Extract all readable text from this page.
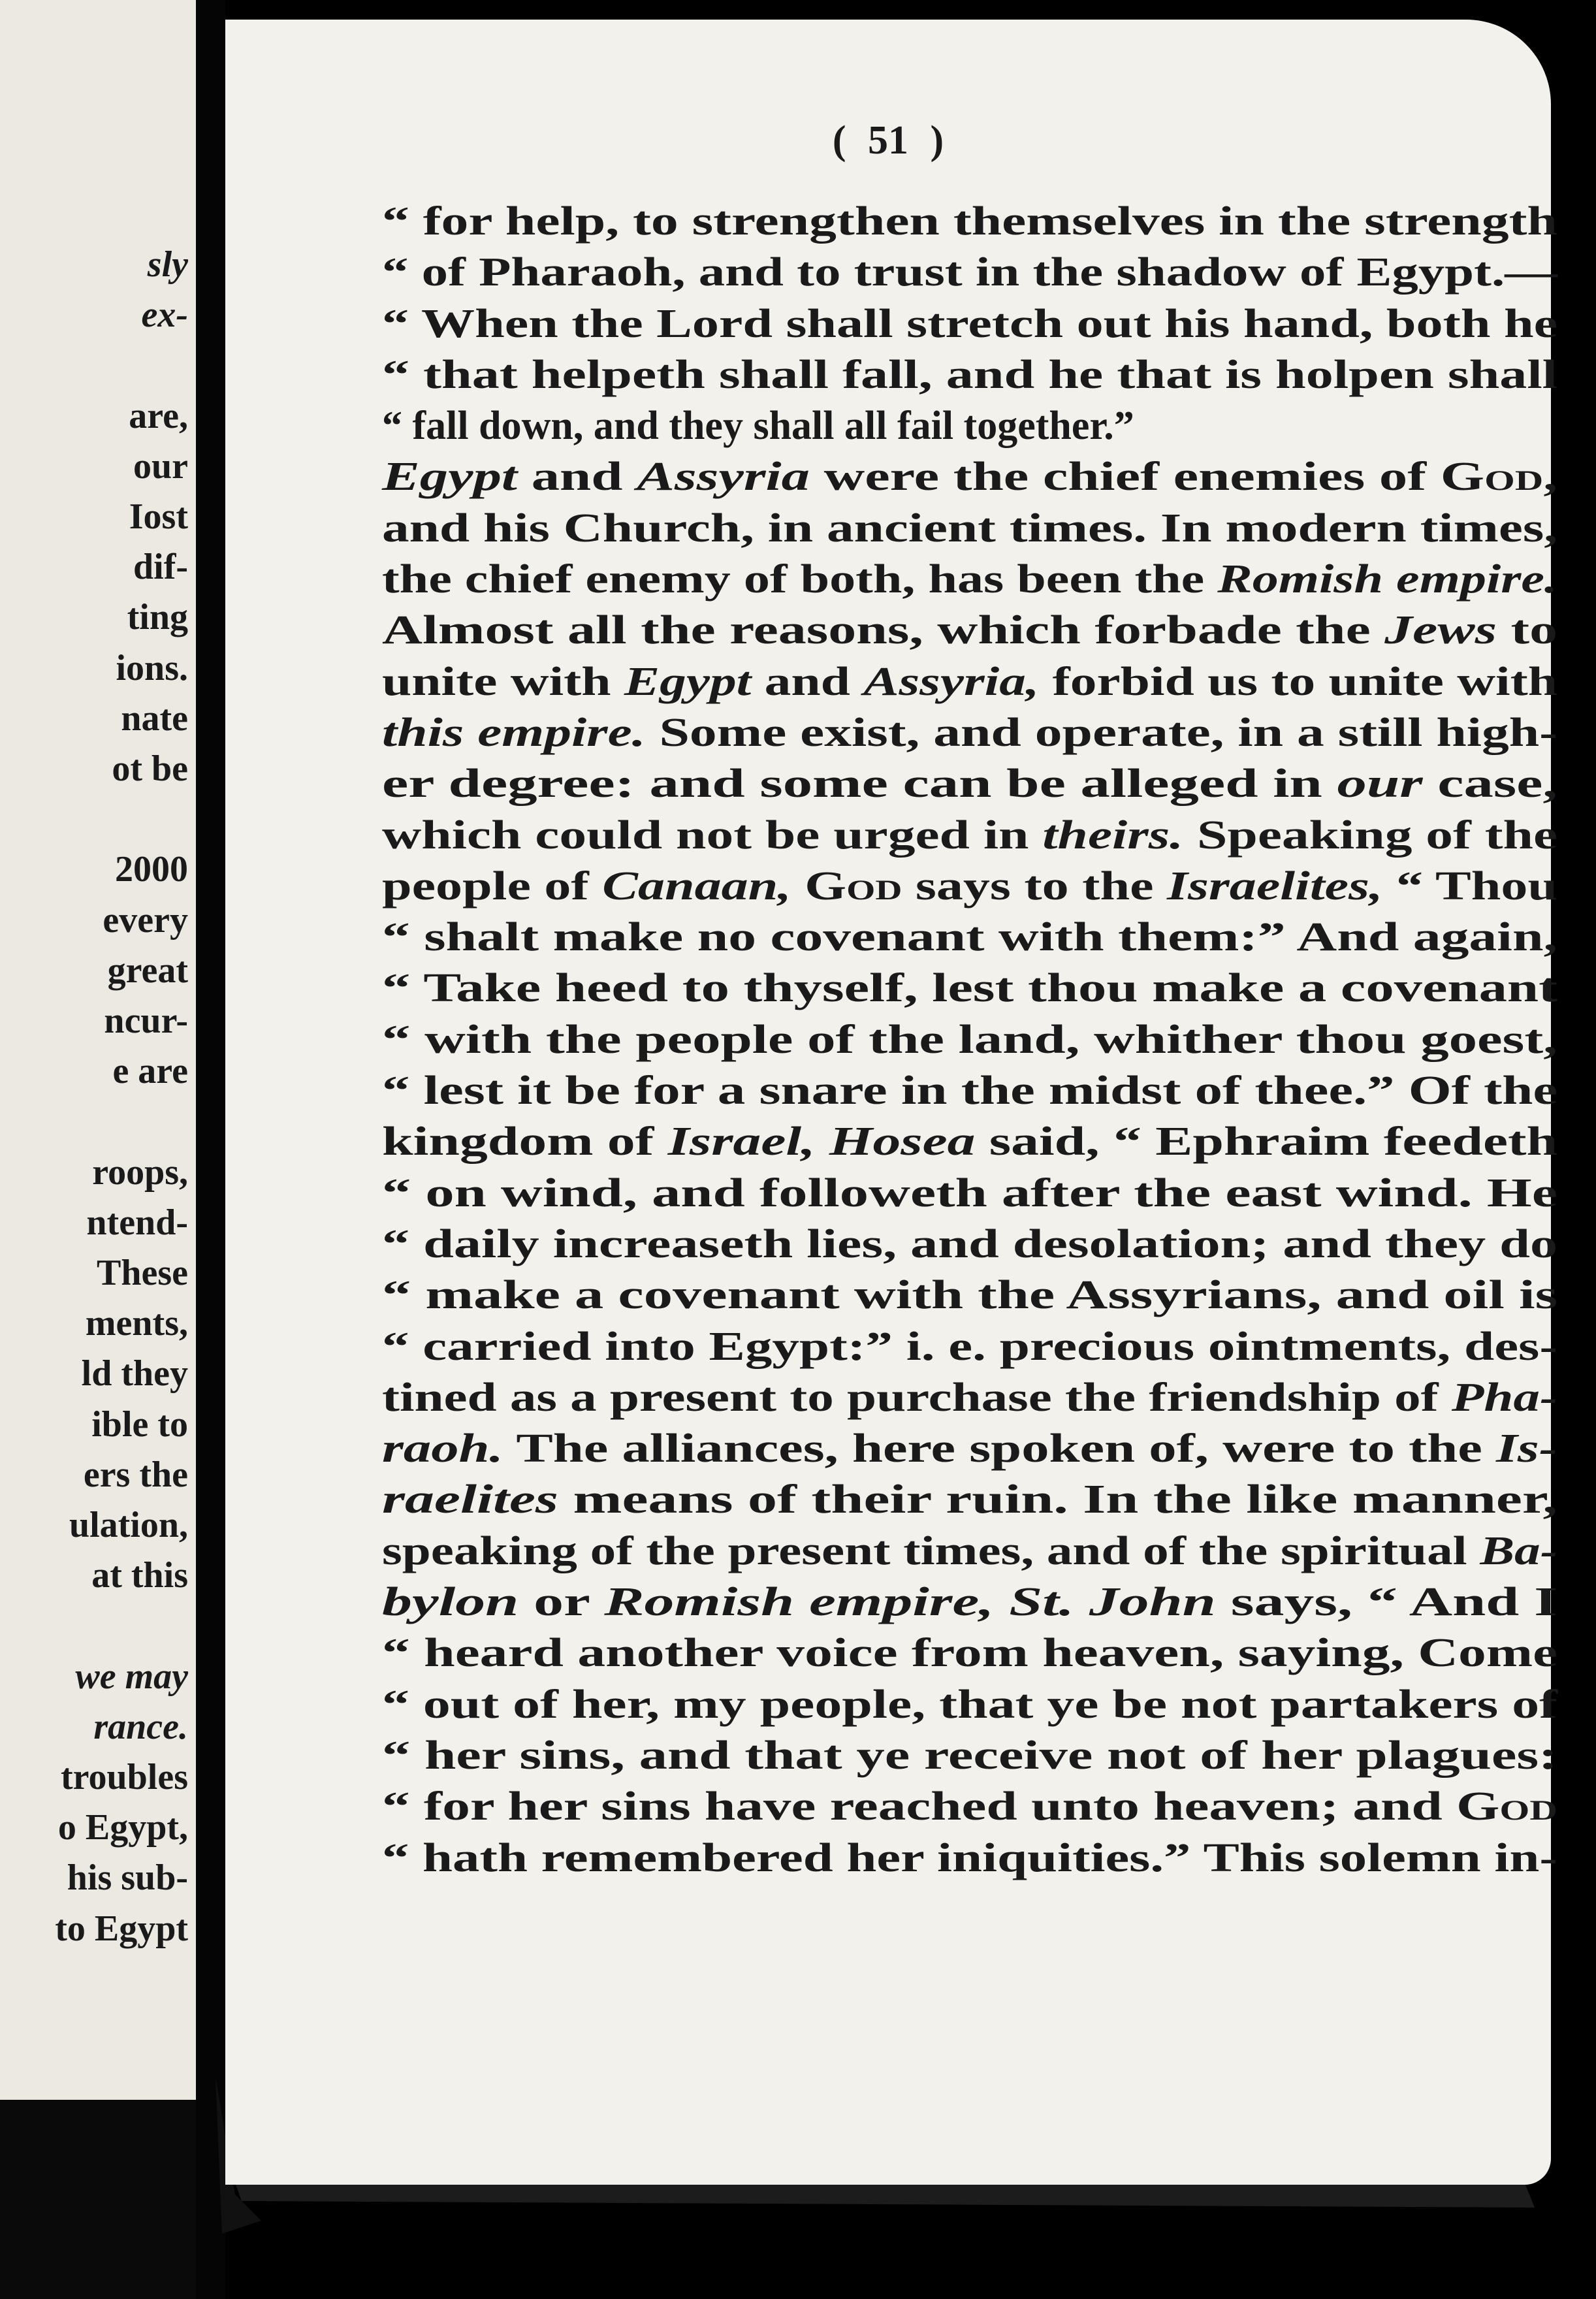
sly

ex-

are,

our

Iost

dif-

ting

ions.

nate

ot be

2000

every

great

ncur-

e are

roops,

ntend-

These

ments,

ld they

ible to

ers the

ulation,

at this

we may

rance.

troubles

o Egypt,

his sub-

to Egypt

( 51 )

“ for help, to strengthen themselves in the strength

“ of Pharaoh, and to trust in the shadow of Egypt.—

“ When the Lord shall stretch out his hand, both he

“ that helpeth shall fall, and he that is holpen shall

“ fall down, and they shall all fail together.”

Egypt and Assyria were the chief enemies of God,

and his Church, in ancient times. In modern times,

the chief enemy of both, has been the Romish empire.

Almost all the reasons, which forbade the Jews to

unite with Egypt and Assyria, forbid us to unite with

this empire. Some exist, and operate, in a still high-

er degree: and some can be alleged in our case,

which could not be urged in theirs. Speaking of the

people of Canaan, God says to the Israelites, “ Thou

“ shalt make no covenant with them:” And again,

“ Take heed to thyself, lest thou make a covenant

“ with the people of the land, whither thou goest,

“ lest it be for a snare in the midst of thee.” Of the

kingdom of Israel, Hosea said, “ Ephraim feedeth

“ on wind, and followeth after the east wind. He

“ daily increaseth lies, and desolation; and they do

“ make a covenant with the Assyrians, and oil is

“ carried into Egypt:” i. e. precious ointments, des-

tined as a present to purchase the friendship of Pha-

raoh. The alliances, here spoken of, were to the Is-

raelites means of their ruin. In the like manner,

speaking of the present times, and of the spiritual Ba-

bylon or Romish empire, St. John says, “ And I

“ heard another voice from heaven, saying, Come

“ out of her, my people, that ye be not partakers of

“ her sins, and that ye receive not of her plagues:

“ for her sins have reached unto heaven; and God

“ hath remembered her iniquities.” This solemn in-
